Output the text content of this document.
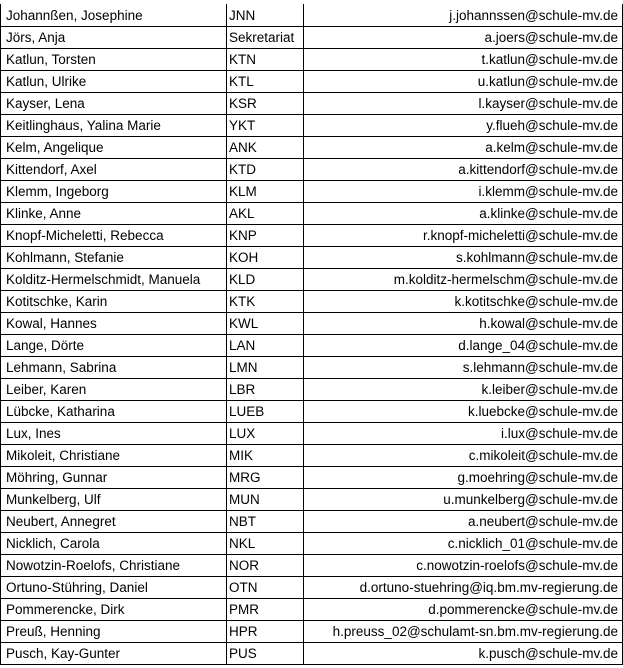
Johannßen, Josephine	JNN	j.johannssen@schule-mv.de
Jörs, Anja	Sekretariat	a.joers@schule-mv.de
Katlun, Torsten	KTN	t.katlun@schule-mv.de
Katlun, Ulrike	KTL	u.katlun@schule-mv.de
Kayser, Lena	KSR	l.kayser@schule-mv.de
Keitlinghaus, Yalina Marie	YKT	y.flueh@schule-mv.de
Kelm, Angelique	ANK	a.kelm@schule-mv.de
Kittendorf, Axel	KTD	a.kittendorf@schule-mv.de
Klemm, Ingeborg	KLM	i.klemm@schule-mv.de
Klinke, Anne	AKL	a.klinke@schule-mv.de
Knopf-Micheletti, Rebecca	KNP	r.knopf-micheletti@schule-mv.de
Kohlmann, Stefanie	KOH	s.kohlmann@schule-mv.de
Kolditz-Hermelschmidt, Manuela	KLD	m.kolditz-hermelschm@schule-mv.de
Kotitschke, Karin	KTK	k.kotitschke@schule-mv.de
Kowal, Hannes	KWL	h.kowal@schule-mv.de
Lange, Dörte	LAN	d.lange_04@schule-mv.de
Lehmann, Sabrina	LMN	s.lehmann@schule-mv.de
Leiber, Karen	LBR	k.leiber@schule-mv.de
Lübcke, Katharina	LUEB	k.luebcke@schule-mv.de
Lux, Ines	LUX	i.lux@schule-mv.de
Mikoleit, Christiane	MIK	c.mikoleit@schule-mv.de
Möhring, Gunnar	MRG	g.moehring@schule-mv.de
Munkelberg, Ulf	MUN	u.munkelberg@schule-mv.de
Neubert, Annegret	NBT	a.neubert@schule-mv.de
Nicklich, Carola	NKL	c.nicklich_01@schule-mv.de
Nowotzin-Roelofs, Christiane	NOR	c.nowotzin-roelofs@schule-mv.de
Ortuno-Stühring, Daniel	OTN	d.ortuno-stuehring@iq.bm.mv-regierung.de
Pommerencke, Dirk	PMR	d.pommerencke@schule-mv.de
Preuß, Henning	HPR	h.preuss_02@schulamt-sn.bm.mv-regierung.de
Pusch, Kay-Gunter	PUS	k.pusch@schule-mv.de
